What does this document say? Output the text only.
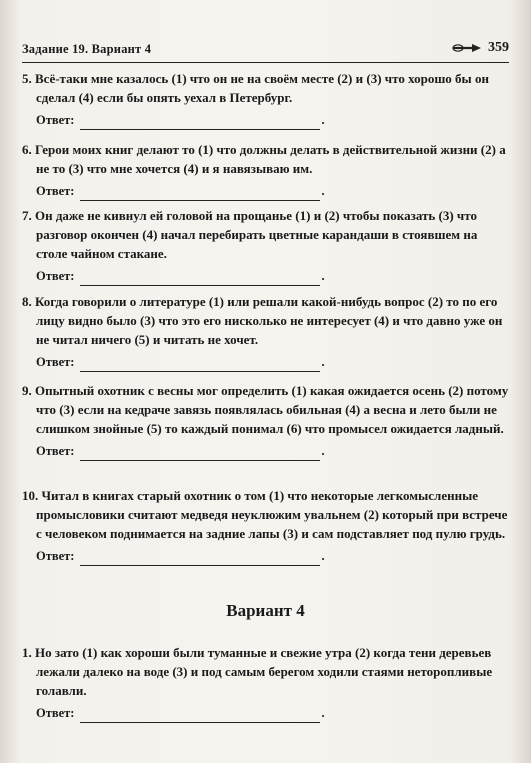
Задание 19. Вариант 4	359
5. Всё-таки мне казалось (1) что он не на своём месте (2) и (3) что хорошо бы он сделал (4) если бы опять уехал в Петербург.
Ответ:	.
6. Герои моих книг делают то (1) что должны делать в действительной жизни (2) а не то (3) что мне хочется (4) и я навязываю им.
Ответ:	.
7. Он даже не кивнул ей головой на прощанье (1) и (2) чтобы показать (3) что разговор окончен (4) начал перебирать цветные карандаши в стоявшем на столе чайном стакане.
Ответ:	.
8. Когда говорили о литературе (1) или решали какой-нибудь вопрос (2) то по его лицу видно было (3) что это его нисколько не интересует (4) и что давно уже он не читал ничего (5) и читать не хочет.
Ответ:	.
9. Опытный охотник с весны мог определить (1) какая ожидается осень (2) потому что (3) если на кедраче завязь появлялась обильная (4) а весна и лето были не слишком знойные (5) то каждый понимал (6) что промысел ожидается ладный.
Ответ:	.
10. Читал в книгах старый охотник о том (1) что некоторые легкомысленные промысловики считают медведя неуклюжим увальнем (2) который при встрече с человеком поднимается на задние лапы (3) и сам подставляет под пулю грудь.
Ответ:	.
Вариант 4
1. Но зато (1) как хороши были туманные и свежие утра (2) когда тени деревьев лежали далеко на воде (3) и под самым берегом ходили стаями неторопливые голавли.
Ответ:	.
